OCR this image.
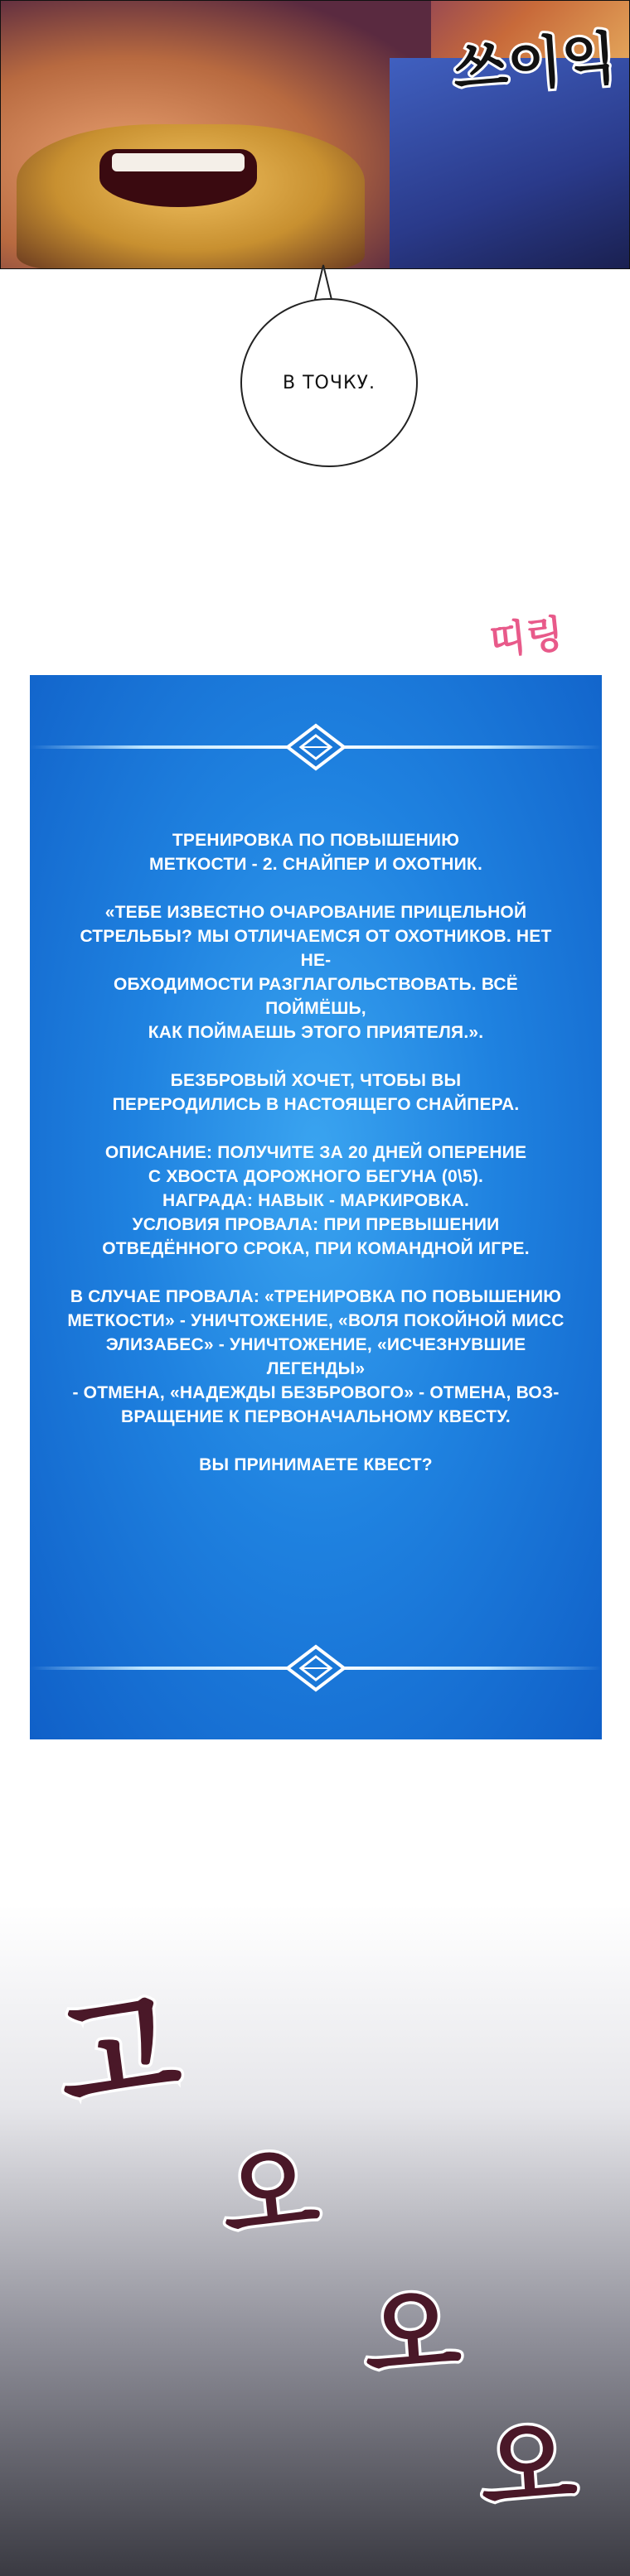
쓰이익
В ТОЧКУ.
띠링

ТРЕНИРОВКА ПО ПОВЫШЕНИЮ
МЕТКОСТИ - 2. СНАЙПЕР И ОХОТНИК.

«ТЕБЕ ИЗВЕСТНО ОЧАРОВАНИЕ ПРИЦЕЛЬНОЙ
СТРЕЛЬБЫ? МЫ ОТЛИЧАЕМСЯ ОТ ОХОТНИКОВ. НЕТ НЕ-
ОБХОДИМОСТИ РАЗГЛАГОЛЬСТВОВАТЬ. ВСЁ ПОЙМЁШЬ,
КАК ПОЙМАЕШЬ ЭТОГО ПРИЯТЕЛЯ.».

БЕЗБРОВЫЙ ХОЧЕТ, ЧТОБЫ ВЫ
ПЕРЕРОДИЛИСЬ В НАСТОЯЩЕГО СНАЙПЕРА.

ОПИСАНИЕ: ПОЛУЧИТЕ ЗА 20 ДНЕЙ ОПЕРЕНИЕ
С ХВОСТА ДОРОЖНОГО БЕГУНА (0\5).
НАГРАДА: НАВЫК - МАРКИРОВКА.
УСЛОВИЯ ПРОВАЛА: ПРИ ПРЕВЫШЕНИИ
ОТВЕДЁННОГО СРОКА, ПРИ КОМАНДНОЙ ИГРЕ.

В СЛУЧАЕ ПРОВАЛА: «ТРЕНИРОВКА ПО ПОВЫШЕНИЮ
МЕТКОСТИ» - УНИЧТОЖЕНИЕ, «ВОЛЯ ПОКОЙНОЙ МИСС
ЭЛИЗАБЕС» - УНИЧТОЖЕНИЕ, «ИСЧЕЗНУВШИЕ ЛЕГЕНДЫ»
- ОТМЕНА, «НАДЕЖДЫ БЕЗБРОВОГО» - ОТМЕНА, ВОЗ-
ВРАЩЕНИЕ К ПЕРВОНАЧАЛЬНОМУ КВЕСТУ.

ВЫ ПРИНИМАЕТЕ КВЕСТ?

고
오
오
오
